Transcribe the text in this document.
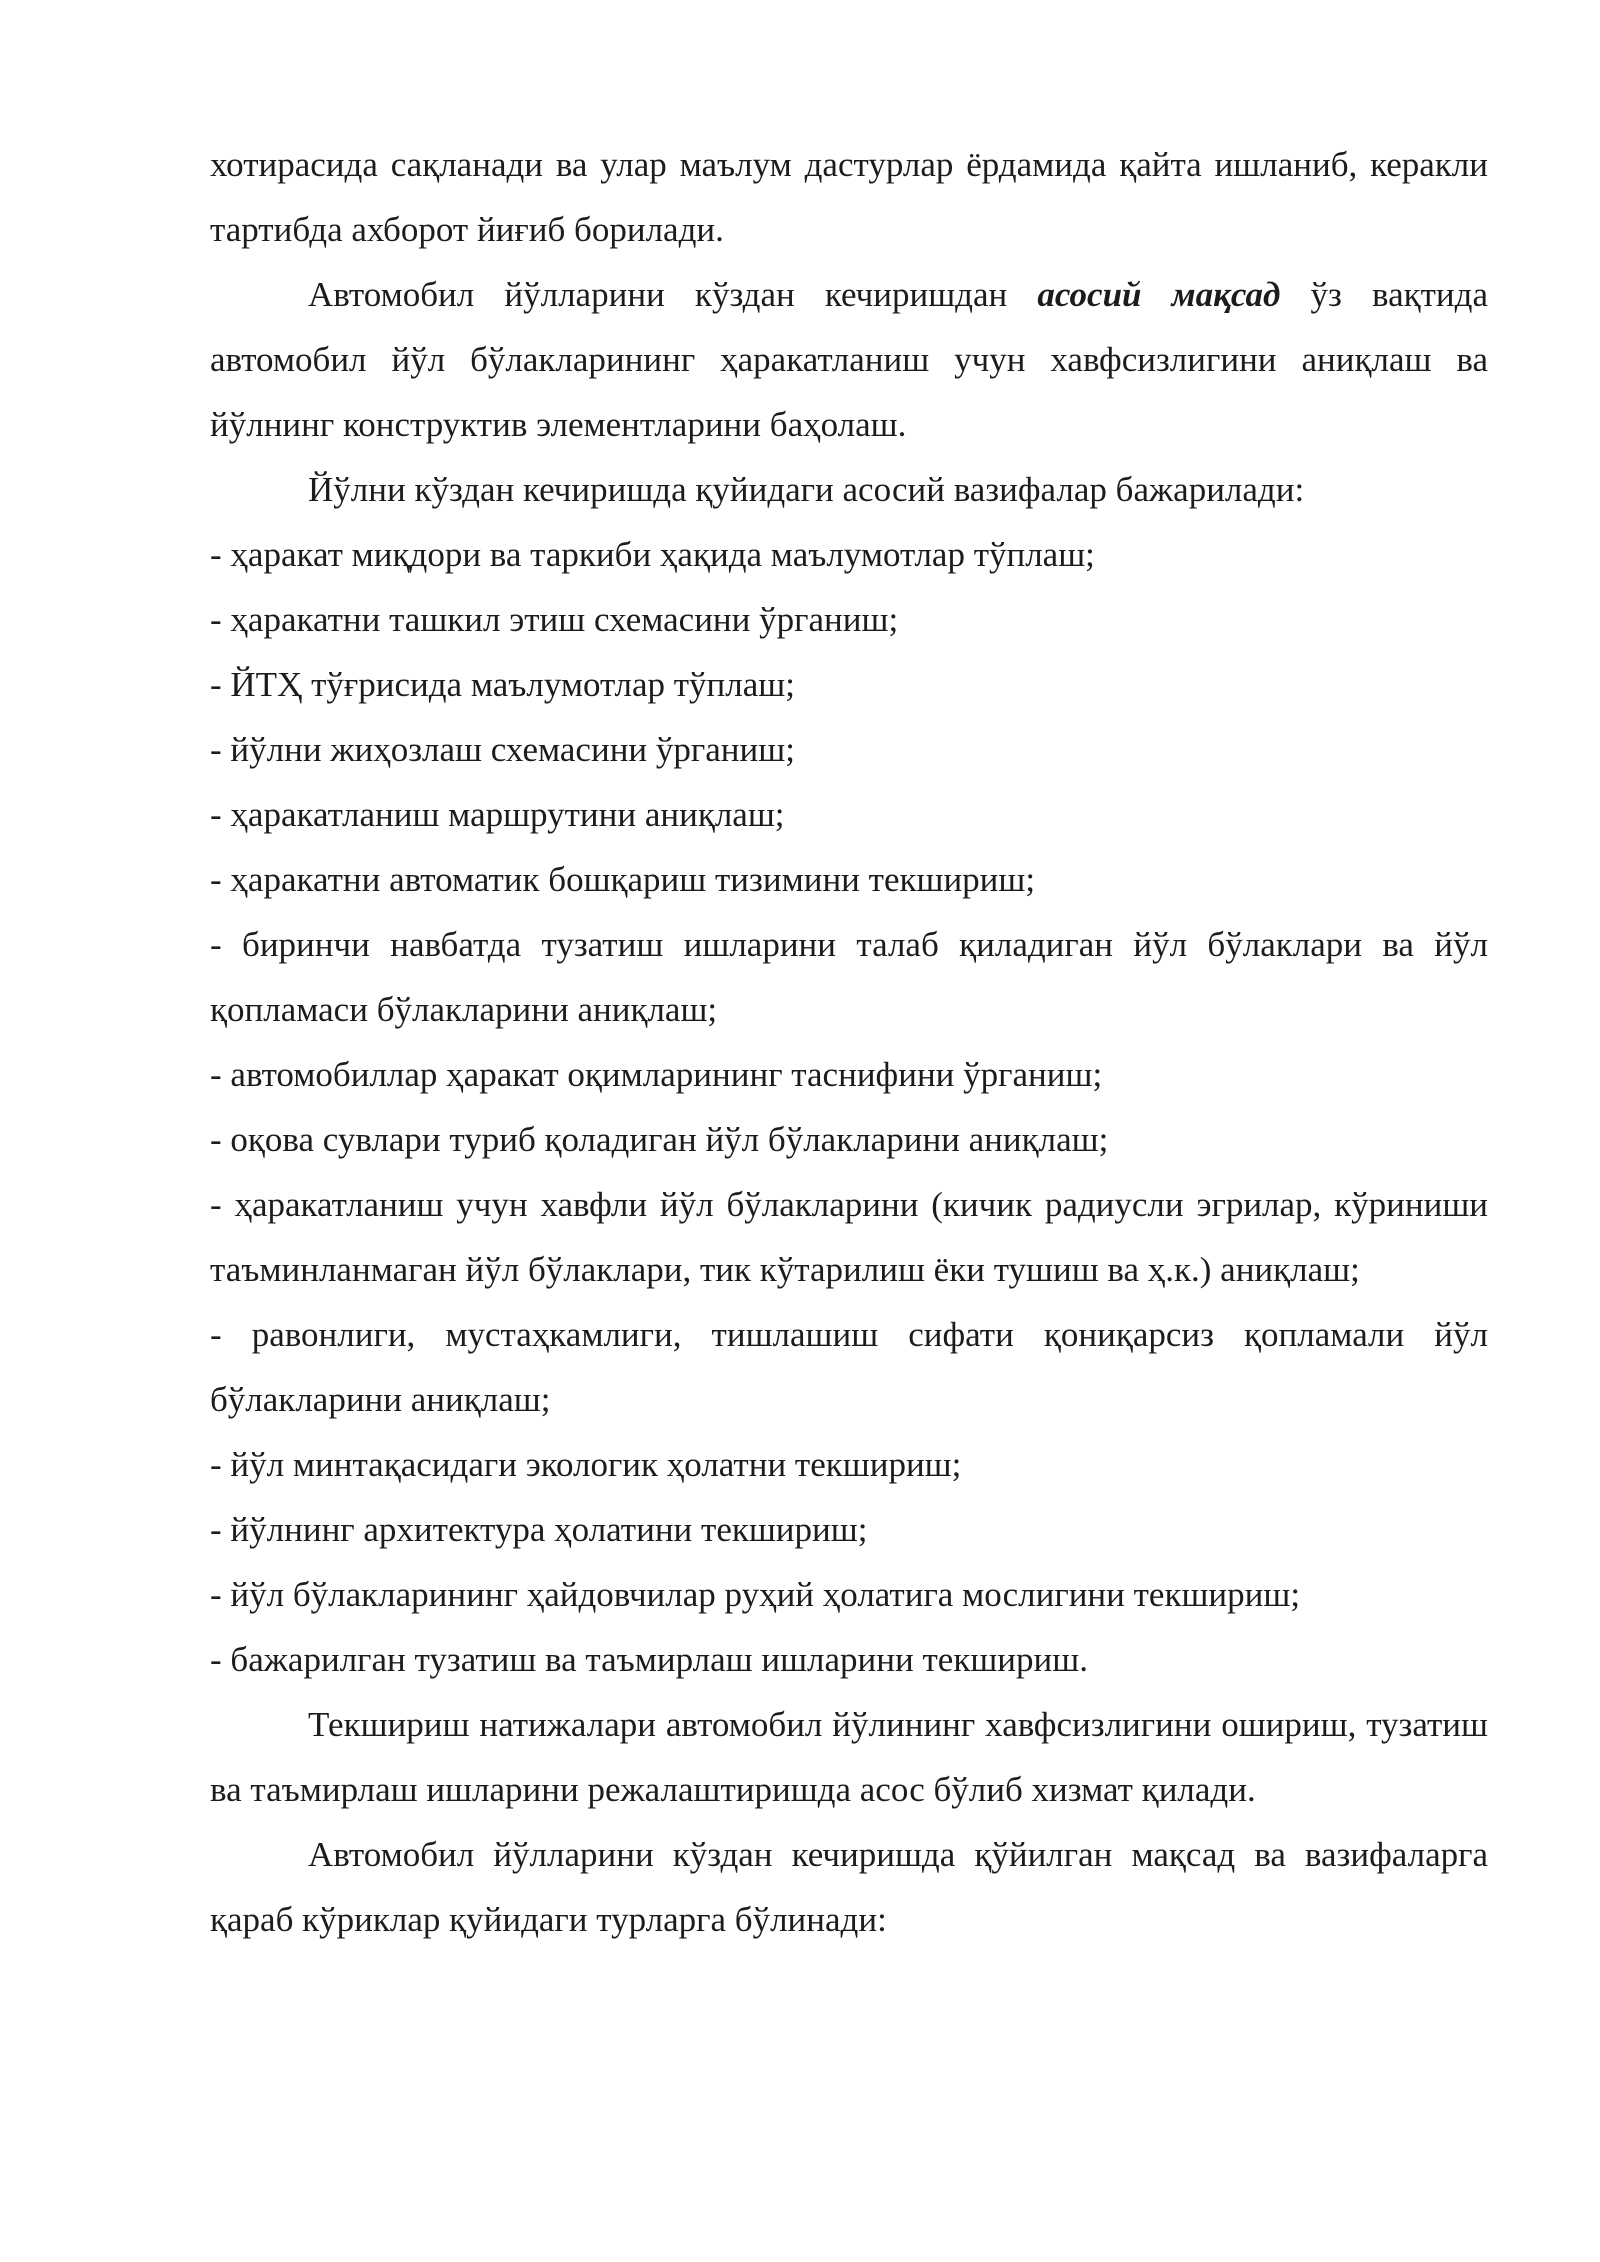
хотирасида сақланади ва улар маълум дастурлар ёрдамида қайта ишланиб, керакли тартибда ахборот йиғиб борилади.

Автомобил йўлларини кўздан кечиришдан асосий мақсад ўз вақтида автомобил йўл бўлакларининг ҳаракатланиш учун хавфсизлигини аниқлаш ва йўлнинг конструктив элементларини баҳолаш.

Йўлни кўздан кечиришда қуйидаги асосий вазифалар бажарилади:

- ҳаракат миқдори ва таркиби ҳақида маълумотлар тўплаш;

- ҳаракатни ташкил этиш схемасини ўрганиш;

- ЙТҲ тўғрисида маълумотлар тўплаш;

- йўлни жиҳозлаш схемасини ўрганиш;

- ҳаракатланиш маршрутини аниқлаш;

- ҳаракатни автоматик бошқариш тизимини текшириш;

- биринчи навбатда тузатиш ишларини талаб қиладиган йўл бўлаклари ва йўл қопламаси бўлакларини аниқлаш;

- автомобиллар ҳаракат оқимларининг таснифини ўрганиш;

- оқова сувлари туриб қоладиган йўл бўлакларини аниқлаш;

- ҳаракатланиш учун хавфли йўл бўлакларини (кичик радиусли эгрилар, кўриниши таъминланмаган йўл бўлаклари, тик кўтарилиш ёки тушиш ва ҳ.к.) аниқлаш;

- равонлиги, мустаҳкамлиги, тишлашиш сифати қониқарсиз қопламали йўл бўлакларини аниқлаш;

- йўл минтақасидаги экологик ҳолатни текшириш;

- йўлнинг архитектура ҳолатини текшириш;

- йўл бўлакларининг ҳайдовчилар руҳий ҳолатига мослигини текшириш;

- бажарилган тузатиш ва таъмирлаш ишларини текшириш.

Текшириш натижалари автомобил йўлининг хавфсизлигини ошириш, тузатиш ва таъмирлаш ишларини режалаштиришда асос бўлиб хизмат қилади.

Автомобил йўлларини кўздан кечиришда қўйилган мақсад ва вазифаларга қараб кўриклар қуйидаги турларга бўлинади:
